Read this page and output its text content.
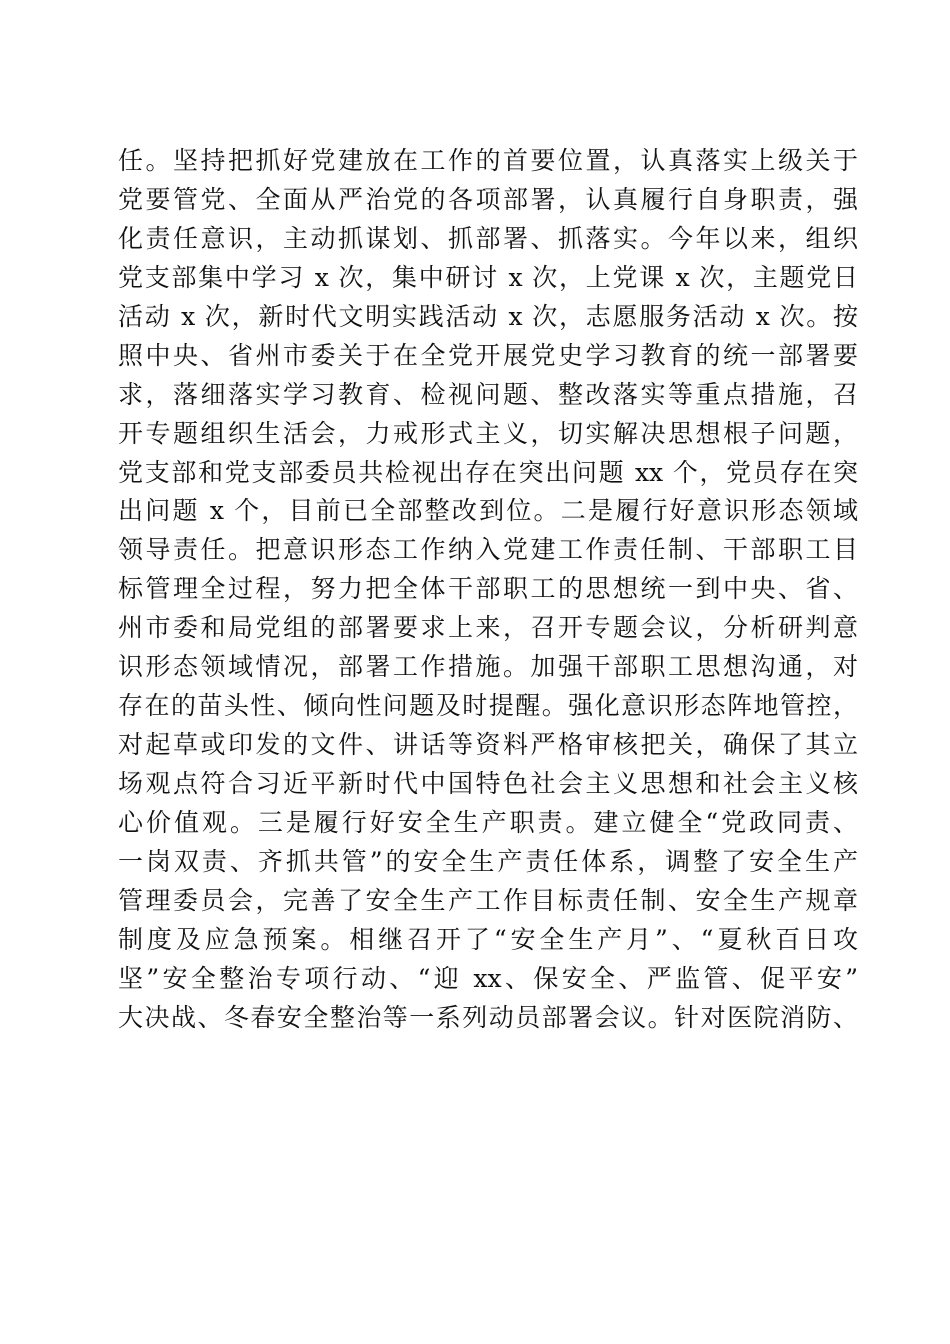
任。坚持把抓好党建放在工作的首要位置，认真落实上级关于
党要管党、全面从严治党的各项部署，认真履行自身职责，强
化责任意识，主动抓谋划、抓部署、抓落实。今年以来，组织
党支部集中学习 x 次，集中研讨 x 次，上党课 x 次，主题党日
活动 x 次，新时代文明实践活动 x 次，志愿服务活动 x 次。按
照中央、省州市委关于在全党开展党史学习教育的统一部署要
求，落细落实学习教育、检视问题、整改落实等重点措施，召
开专题组织生活会，力戒形式主义，切实解决思想根子问题，
党支部和党支部委员共检视出存在突出问题 xx 个，党员存在突
出问题 x 个，目前已全部整改到位。二是履行好意识形态领域
领导责任。把意识形态工作纳入党建工作责任制、干部职工目
标管理全过程，努力把全体干部职工的思想统一到中央、省、
州市委和局党组的部署要求上来，召开专题会议，分析研判意
识形态领域情况，部署工作措施。加强干部职工思想沟通，对
存在的苗头性、倾向性问题及时提醒。强化意识形态阵地管控，
对起草或印发的文件、讲话等资料严格审核把关，确保了其立
场观点符合习近平新时代中国特色社会主义思想和社会主义核
心价值观。三是履行好安全生产职责。建立健全“党政同责、
一岗双责、齐抓共管”的安全生产责任体系，调整了安全生产
管理委员会，完善了安全生产工作目标责任制、安全生产规章
制度及应急预案。相继召开了“安全生产月”、“夏秋百日攻
坚”安全整治专项行动、“迎 xx、保安全、严监管、促平安”
大决战、冬春安全整治等一系列动员部署会议。针对医院消防、
